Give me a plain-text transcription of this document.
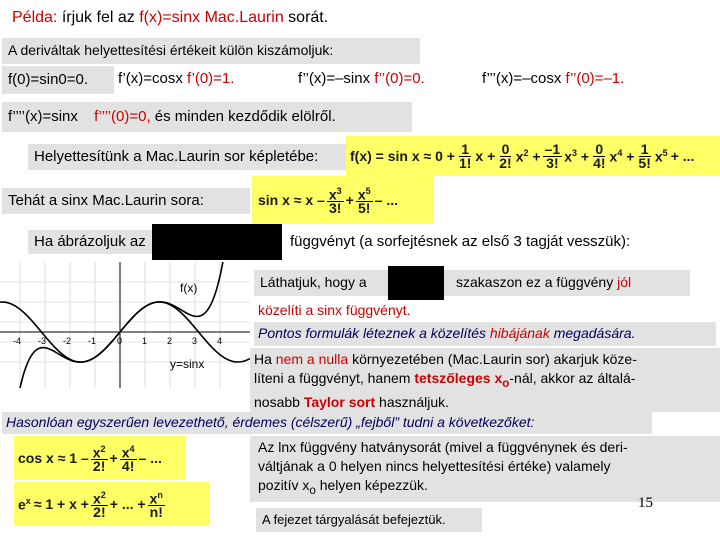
Példa: írjuk fel az f(x)=sinx Mac.Laurin sorát.
A deriváltak helyettesítési értékeit külön kiszámoljuk:
f(0)=sin0=0.	f’(x)=cosx f’(0)=1.	f’’(x)=–sinx f’’(0)=0.	f’’’(x)=–cosx f’’(0)=–1.
f’’’’(x)=sinx f’’’’(0)=0, és minden kezdődik elölről.
Helyettesítünk a Mac.Laurin sor képletébe:	$f(x) = \sin x \approx 0 + \frac{1}{1!}$ $x + \frac{0}{2!} x^2 + \frac{-1}{3!} x^3 + \frac{0}{4!} x^4 + \frac{1}{5!} x^5$ + ...
Tehát a sinx Mac.Laurin sora:	$\sin x \approx x - \frac{x^3}{3!} + \frac{x^5}{5!}$ – ...
Ha ábrázoljuk az	függvényt (a sorfejtésnek az első 3 tagját vesszük):
-4 -3 -2 -1 0 1 2 3 4
f(x)
y=sinx
Láthatjuk, hogy a	szakaszon ez a függvény jól
közelíti a sinx függvényt.
Pontos formulák léteznek a közelítés hibájának megadására.
Ha nem a nulla környezetében (Mac.Laurin sor) akarjuk köze-
líteni a függvényt, hanem tetszőleges $x_o$-nál, akkor az általá-
nosabb Taylor sort használjuk.
Hasonlóan egyszerűen levezethető, érdemes (célszerű) „fejből” tudni a következőket:
$\cos x \approx 1 - \frac{x^2}{2!} + \frac{x^4}{4!}$ – ...
$e^x \approx 1 + x + \frac{x^2}{2!}$ + ... + $\frac{x^n}{n!}$
Az lnx függvény hatványsorát (mivel a függvénynek és deri-
váltjának a 0 helyen nincs helyettesítési értéke) valamely
pozitív $x_o$ helyen képezzük.
15
A fejezet tárgyalását befejeztük.
